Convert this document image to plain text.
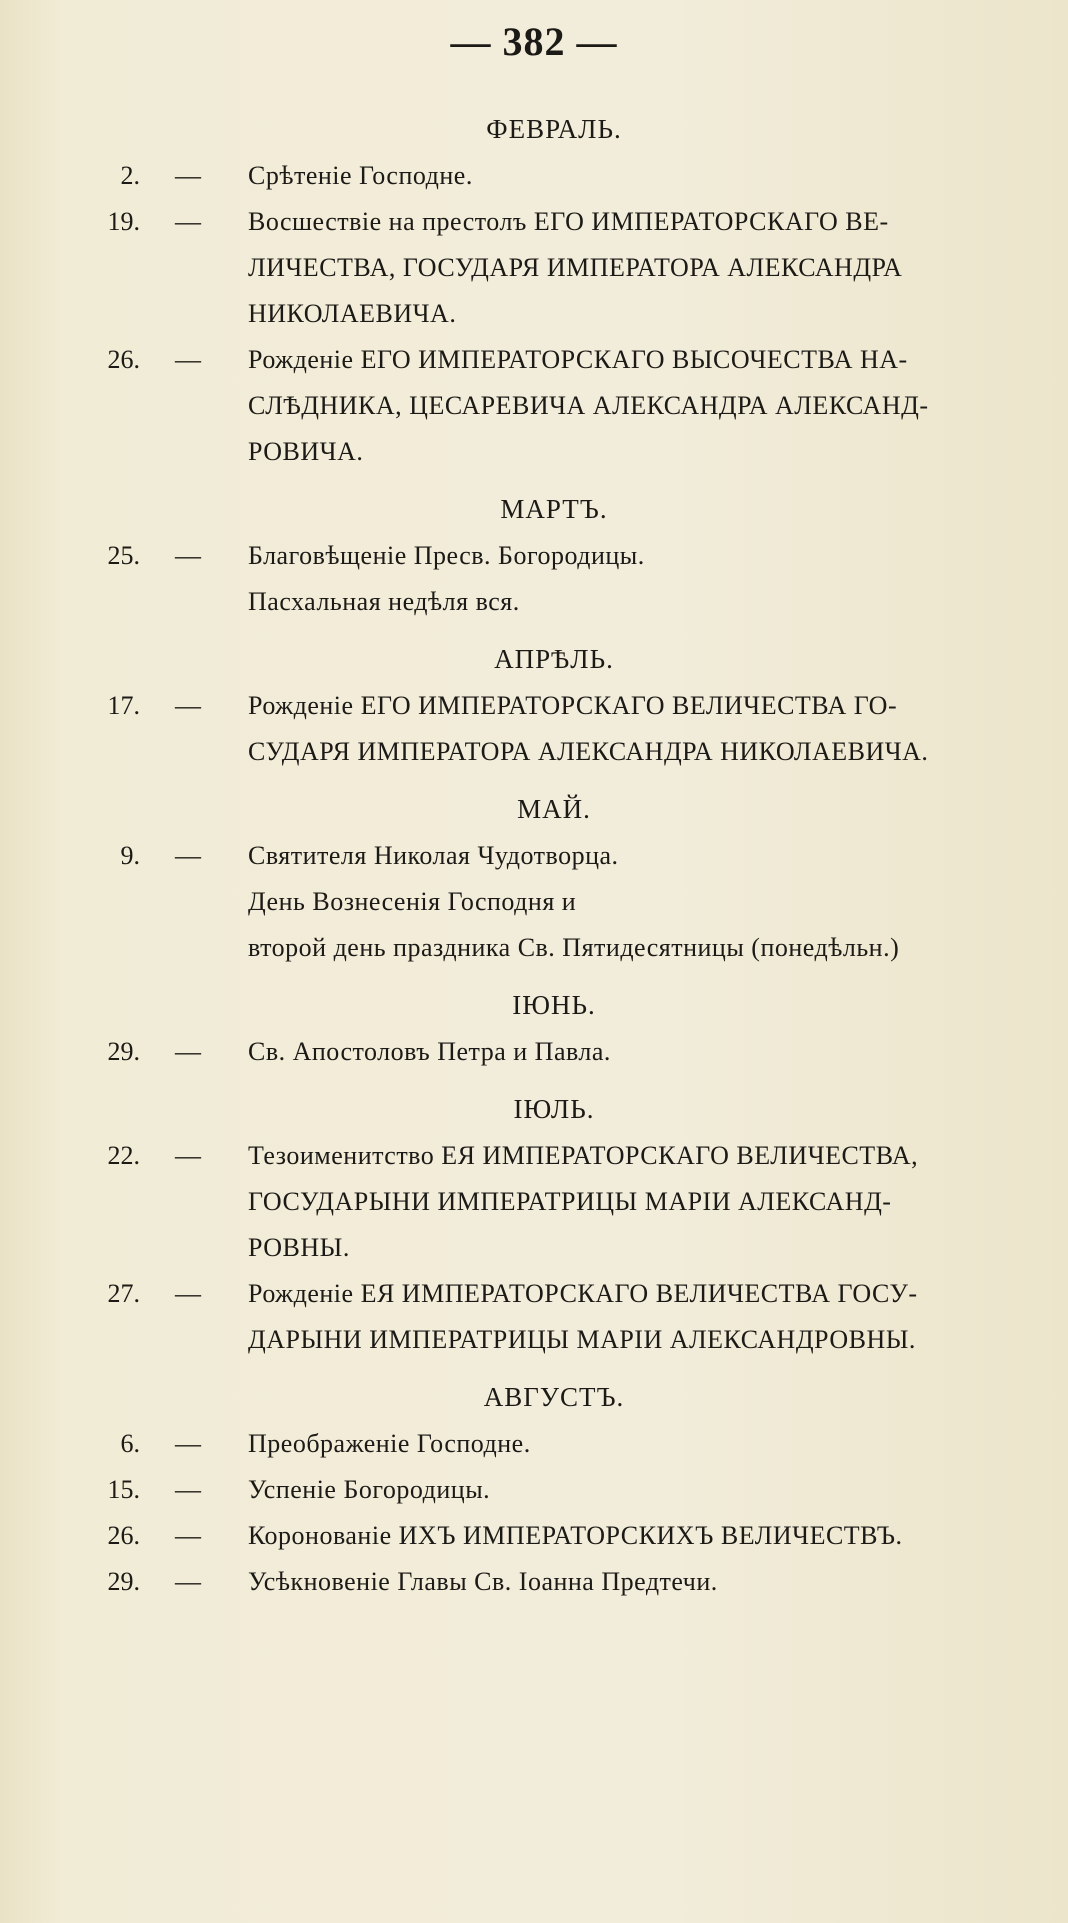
— 382 —
ФЕВРАЛЬ.
2. — Срѣтеніе Господне.
19. — Восшествіе на престолъ ЕГО ИМПЕРАТОРСКАГО ВЕ-
ЛИЧЕСТВА, ГОСУДАРЯ ИМПЕРАТОРА АЛЕКСАНДРА
НИКОЛАЕВИЧА.
26. — Рожденіе ЕГО ИМПЕРАТОРСКАГО ВЫСОЧЕСТВА НА-
СЛѢДНИКА, ЦЕСАРЕВИЧА АЛЕКСАНДРА АЛЕКСАНД-
РОВИЧА.
МАРТЪ.
25. — Благовѣщеніе Пресв. Богородицы.
Пасхальная недѣля вся.
АПРѢЛЬ.
17. — Рожденіе ЕГО ИМПЕРАТОРСКАГО ВЕЛИЧЕСТВА ГО-
СУДАРЯ ИМПЕРАТОРА АЛЕКСАНДРА НИКОЛАЕВИЧА.
МАЙ.
9. — Святителя Николая Чудотворца.
День Вознесенія Господня и
второй день праздника Св. Пятидесятницы (понедѣльн.)
ІЮНЬ.
29. — Св. Апостоловъ Петра и Павла.
ІЮЛЬ.
22. — Тезоименитство ЕЯ ИМПЕРАТОРСКАГО ВЕЛИЧЕСТВА,
ГОСУДАРЫНИ ИМПЕРАТРИЦЫ МАРІИ АЛЕКСАНД-
РОВНЫ.
27. — Рожденіе ЕЯ ИМПЕРАТОРСКАГО ВЕЛИЧЕСТВА ГОСУ-
ДАРЫНИ ИМПЕРАТРИЦЫ МАРІИ АЛЕКСАНДРОВНЫ.
АВГУСТЪ.
6. — Преображеніе Господне.
15. — Успеніе Богородицы.
26. — Коронованіе ИХЪ ИМПЕРАТОРСКИХЪ ВЕЛИЧЕСТВЪ.
29. — Усѣкновеніе Главы Св. Іоанна Предтечи.
